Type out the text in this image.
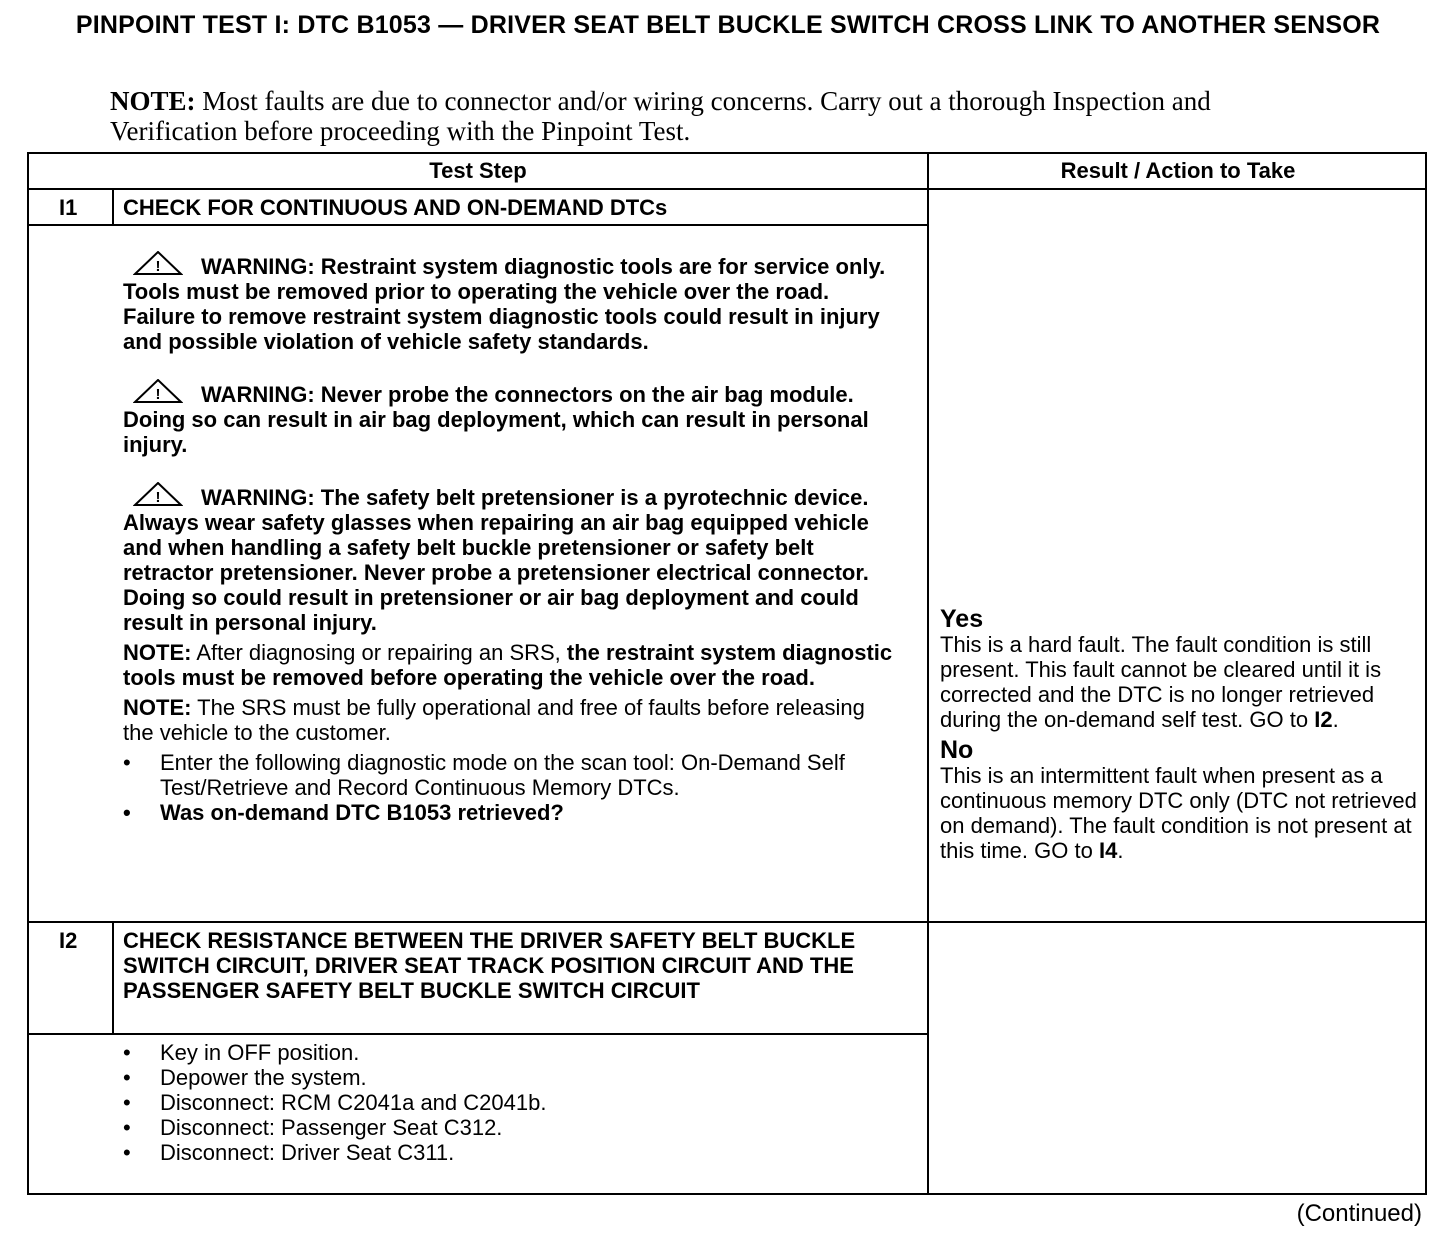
PINPOINT TEST I: DTC B1053 — DRIVER SEAT BELT BUCKLE SWITCH CROSS LINK TO ANOTHER SENSOR
NOTE: Most faults are due to connector and/or wiring concerns. Carry out a thorough Inspection and Verification before proceeding with the Pinpoint Test.
Test Step	Result / Action to Take
I1 CHECK FOR CONTINUOUS AND ON-DEMAND DTCs
! WARNING: Restraint system diagnostic tools are for service only. Tools must be removed prior to operating the vehicle over the road. Failure to remove restraint system diagnostic tools could result in injury and possible violation of vehicle safety standards.
! WARNING: Never probe the connectors on the air bag module. Doing so can result in air bag deployment, which can result in personal injury.
! WARNING: The safety belt pretensioner is a pyrotechnic device. Always wear safety glasses when repairing an air bag equipped vehicle and when handling a safety belt buckle pretensioner or safety belt retractor pretensioner. Never probe a pretensioner electrical connector. Doing so could result in pretensioner or air bag deployment and could result in personal injury.
NOTE: After diagnosing or repairing an SRS, the restraint system diagnostic tools must be removed before operating the vehicle over the road.
NOTE: The SRS must be fully operational and free of faults before releasing the vehicle to the customer.
• Enter the following diagnostic mode on the scan tool: On-Demand Self Test/Retrieve and Record Continuous Memory DTCs.
• Was on-demand DTC B1053 retrieved?
Yes
This is a hard fault. The fault condition is still present. This fault cannot be cleared until it is corrected and the DTC is no longer retrieved during the on-demand self test. GO to I2.
No
This is an intermittent fault when present as a continuous memory DTC only (DTC not retrieved on demand). The fault condition is not present at this time. GO to I4.
I2 CHECK RESISTANCE BETWEEN THE DRIVER SAFETY BELT BUCKLE SWITCH CIRCUIT, DRIVER SEAT TRACK POSITION CIRCUIT AND THE PASSENGER SAFETY BELT BUCKLE SWITCH CIRCUIT
• Key in OFF position.
• Depower the system.
• Disconnect: RCM C2041a and C2041b.
• Disconnect: Passenger Seat C312.
• Disconnect: Driver Seat C311.
(Continued)
